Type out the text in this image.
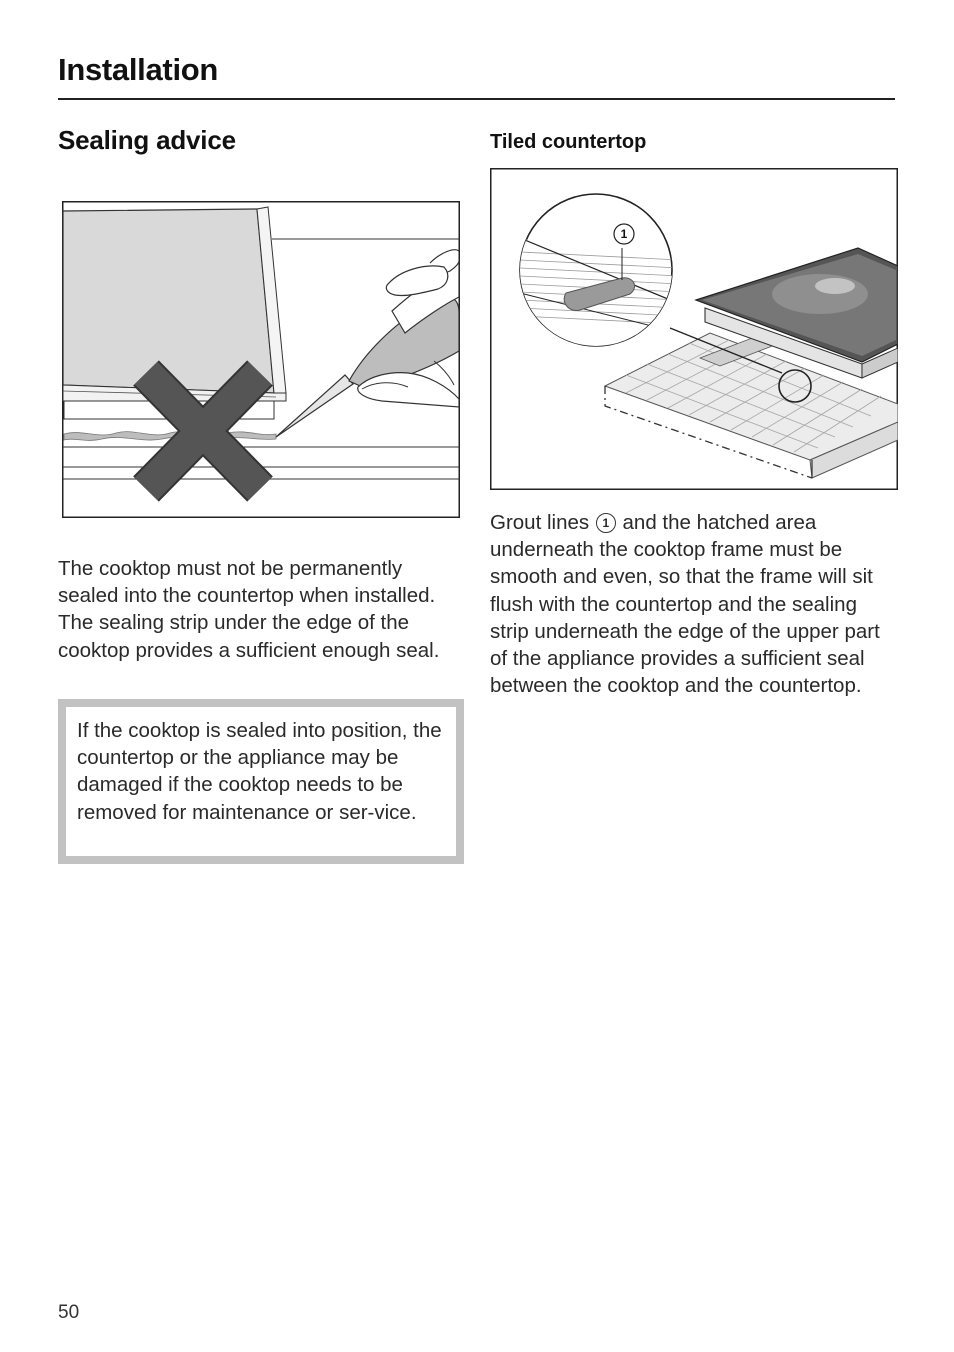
Installation
Sealing advice	Tiled countertop
1

The cooktop must not be permanently sealed into the countertop when installed. The sealing strip under the edge of the cooktop provides a sufficient enough seal.

If the cooktop is sealed into position, the countertop or the appliance may be damaged if the cooktop needs to be removed for maintenance or ser-vice.

Grout lines 1 and the hatched area underneath the cooktop frame must be smooth and even, so that the frame will sit flush with the countertop and the sealing strip underneath the edge of the upper part of the appliance provides a sufficient seal between the cooktop and the countertop.

50
